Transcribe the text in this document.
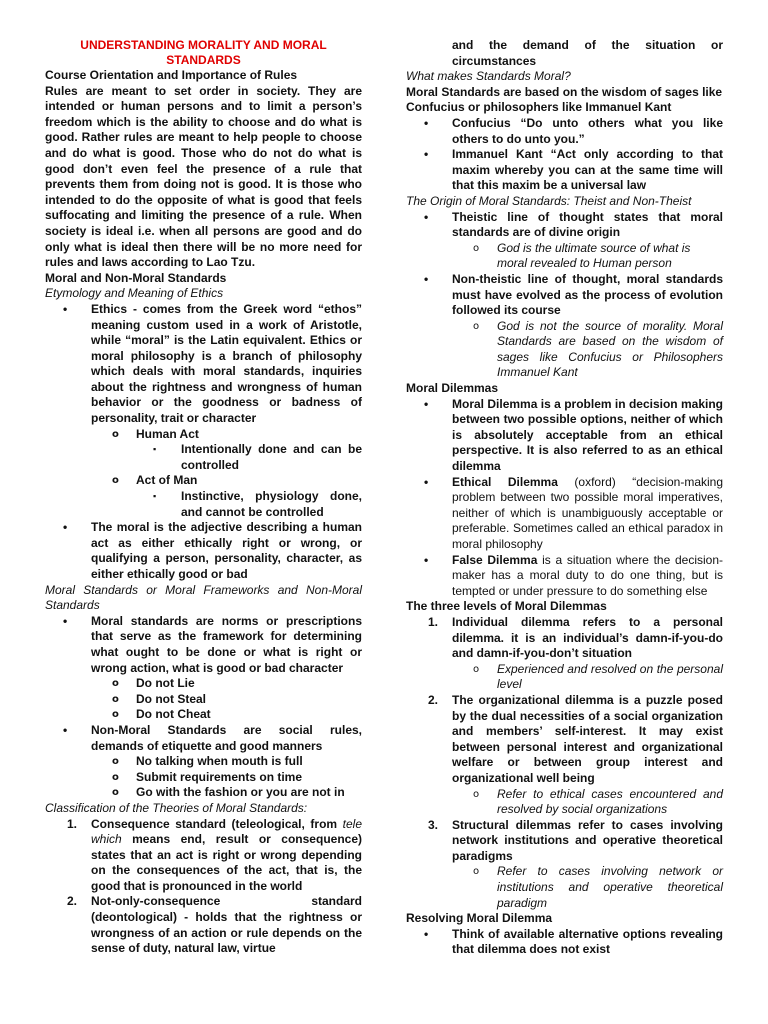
UNDERSTANDING MORALITY AND MORAL
STANDARDS

Course Orientation and Importance of Rules

Rules are meant to set order in society. They are intended or human persons and to limit a person’s freedom which is the ability to choose and do what is good. Rather rules are meant to help people to choose and do what is good. Those who do not do what is good don’t even feel the presence of a rule that prevents them from doing not is good. It is those who intended to do the opposite of what is good that feels suffocating and limiting the presence of a rule. When society is ideal i.e. when all persons are good and do only what is ideal then there will be no more need for rules and laws according to Lao Tzu.

Moral and Non-Moral Standards

Etymology and Meaning of Ethics

• Ethics - comes from the Greek word “ethos” meaning custom used in a work of Aristotle, while “moral” is the Latin equivalent. Ethics or moral philosophy is a branch of philosophy which deals with moral standards, inquiries about the rightness and wrongness of human behavior or the goodness or badness of personality, trait or character
o Human Act
▪ Intentionally done and can be controlled
o Act of Man
▪ Instinctive, physiology done, and cannot be controlled
• The moral is the adjective describing a human act as either ethically right or wrong, or qualifying a person, personality, character, as either ethically good or bad

Moral Standards or Moral Frameworks and Non-Moral Standards

• Moral standards are norms or prescriptions that serve as the framework for determining what ought to be done or what is right or wrong action, what is good or bad character
o Do not Lie
o Do not Steal
o Do not Cheat
• Non-Moral Standards are social rules, demands of etiquette and good manners
o No talking when mouth is full
o Submit requirements on time
o Go with the fashion or you are not in

Classification of the Theories of Moral Standards:

1. Consequence standard (teleological, from tele which means end, result or consequence) states that an act is right or wrong depending on the consequences of the act, that is, the good that is pronounced in the world
2. Not-only-consequence standard (deontological) - holds that the rightness or wrongness of an action or rule depends on the sense of duty, natural law, virtue
and the demand of the situation or circumstances

What makes Standards Moral?

Moral Standards are based on the wisdom of sages like Confucius or philosophers like Immanuel Kant

• Confucius “Do unto others what you like others to do unto you.”
• Immanuel Kant “Act only according to that maxim whereby you can at the same time will that this maxim be a universal law

The Origin of Moral Standards: Theist and Non-Theist

• Theistic line of thought states that moral standards are of divine origin
o God is the ultimate source of what is moral revealed to Human person
• Non-theistic line of thought, moral standards must have evolved as the process of evolution followed its course
o God is not the source of morality. Moral Standards are based on the wisdom of sages like Confucius or Philosophers Immanuel Kant

Moral Dilemmas

• Moral Dilemma is a problem in decision making between two possible options, neither of which is absolutely acceptable from an ethical perspective. It is also referred to as an ethical dilemma
• Ethical Dilemma (oxford) “decision-making problem between two possible moral imperatives, neither of which is unambiguously acceptable or preferable. Sometimes called an ethical paradox in moral philosophy
• False Dilemma is a situation where the decision-maker has a moral duty to do one thing, but is tempted or under pressure to do something else

The three levels of Moral Dilemmas

1. Individual dilemma refers to a personal dilemma. it is an individual’s damn-if-you-do and damn-if-you-don’t situation
o Experienced and resolved on the personal level
2. The organizational dilemma is a puzzle posed by the dual necessities of a social organization and members’ self-interest. It may exist between personal interest and organizational welfare or between group interest and organizational well being
o Refer to ethical cases encountered and resolved by social organizations
3. Structural dilemmas refer to cases involving network institutions and operative theoretical paradigms
o Refer to cases involving network or institutions and operative theoretical paradigm

Resolving Moral Dilemma

• Think of available alternative options revealing that dilemma does not exist
